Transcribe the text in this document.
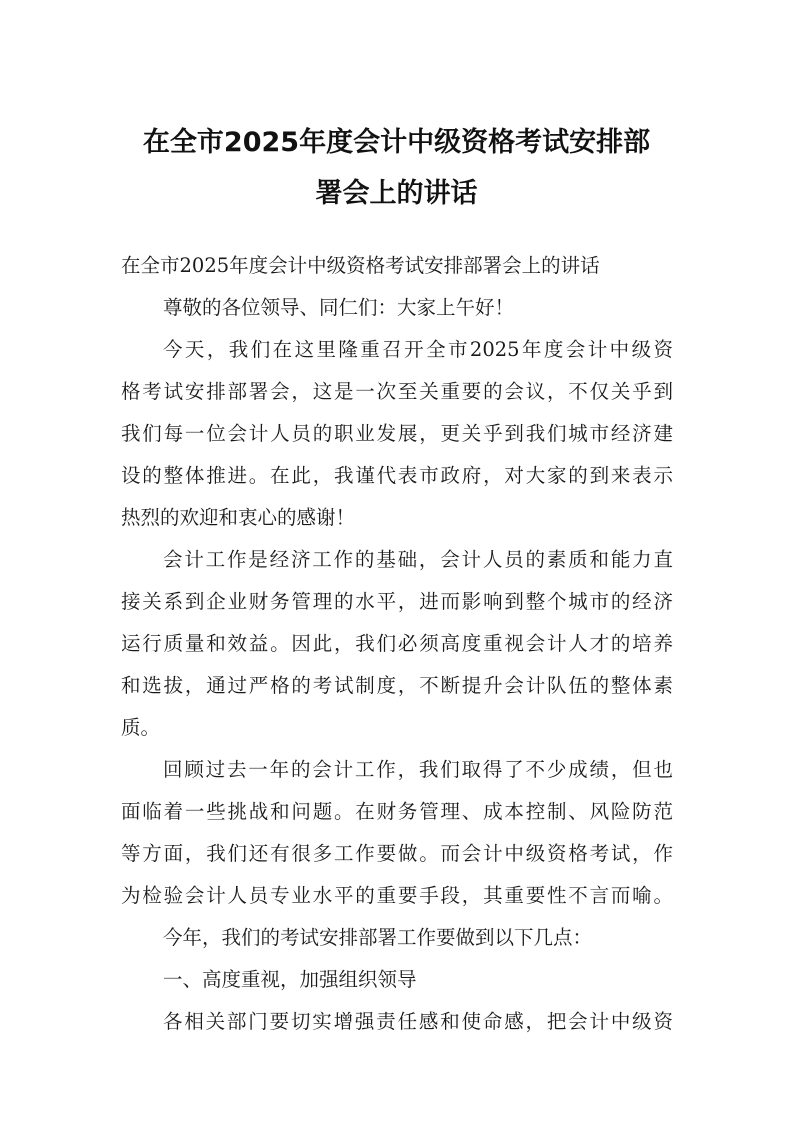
在全市2025年度会计中级资格考试安排部
署会上的讲话
在全市2025年度会计中级资格考试安排部署会上的讲话
尊敬的各位领导、同仁们：大家上午好！
今天，我们在这里隆重召开全市2025年度会计中级资
格考试安排部署会，这是一次至关重要的会议，不仅关乎到
我们每一位会计人员的职业发展，更关乎到我们城市经济建
设的整体推进。在此，我谨代表市政府，对大家的到来表示
热烈的欢迎和衷心的感谢！
会计工作是经济工作的基础，会计人员的素质和能力直
接关系到企业财务管理的水平，进而影响到整个城市的经济
运行质量和效益。因此，我们必须高度重视会计人才的培养
和选拔，通过严格的考试制度，不断提升会计队伍的整体素
质。
回顾过去一年的会计工作，我们取得了不少成绩，但也
面临着一些挑战和问题。在财务管理、成本控制、风险防范
等方面，我们还有很多工作要做。而会计中级资格考试，作
为检验会计人员专业水平的重要手段，其重要性不言而喻。
今年，我们的考试安排部署工作要做到以下几点：
一、高度重视，加强组织领导
各相关部门要切实增强责任感和使命感，把会计中级资
